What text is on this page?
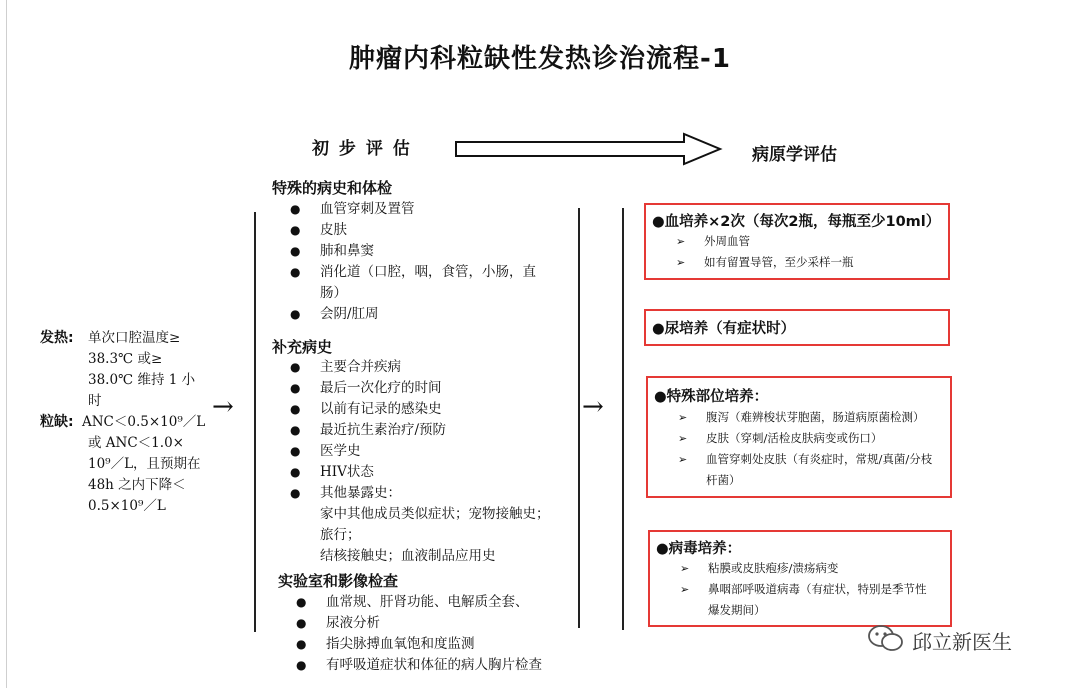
肿瘤内科粒缺性发热诊治流程-1
初 步 评 估	病原学评估
发热: 单次口腔温度≥
38.3℃ 或≥
38.0℃ 维持 1 小
时
粒缺: ANC＜0.5×10⁹／L
或 ANC＜1.0×
10⁹／L，且预期在
48h 之内下降＜
0.5×10⁹／L
→	→
特殊的病史和体检
● 血管穿刺及置管
● 皮肤
● 肺和鼻窦
● 消化道（口腔，咽，食管，小肠，直
肠）
● 会阴/肛周
补充病史
● 主要合并疾病
● 最后一次化疗的时间
● 以前有记录的感染史
● 最近抗生素治疗/预防
● 医学史
● HIV状态
● 其他暴露史：
家中其他成员类似症状；宠物接触史；
旅行；
结核接触史；血液制品应用史
实验室和影像检查
● 血常规、肝肾功能、电解质全套、
● 尿液分析
● 指尖脉搏血氧饱和度监测
● 有呼吸道症状和体征的病人胸片检查
●血培养×2次（每次2瓶，每瓶至少10ml）
➢ 外周血管
➢ 如有留置导管，至少采样一瓶
●尿培养（有症状时）
●特殊部位培养：
➢ 腹泻（难辨梭状芽胞菌，肠道病原菌检测）
➢ 皮肤（穿刺/活检皮肤病变或伤口）
➢ 血管穿刺处皮肤（有炎症时，常规/真菌/分枝
杆菌）
●病毒培养：
➢ 粘膜或皮肤疱疹/溃疡病变
➢ 鼻咽部呼吸道病毒（有症状，特别是季节性
爆发期间）
邱立新医生
